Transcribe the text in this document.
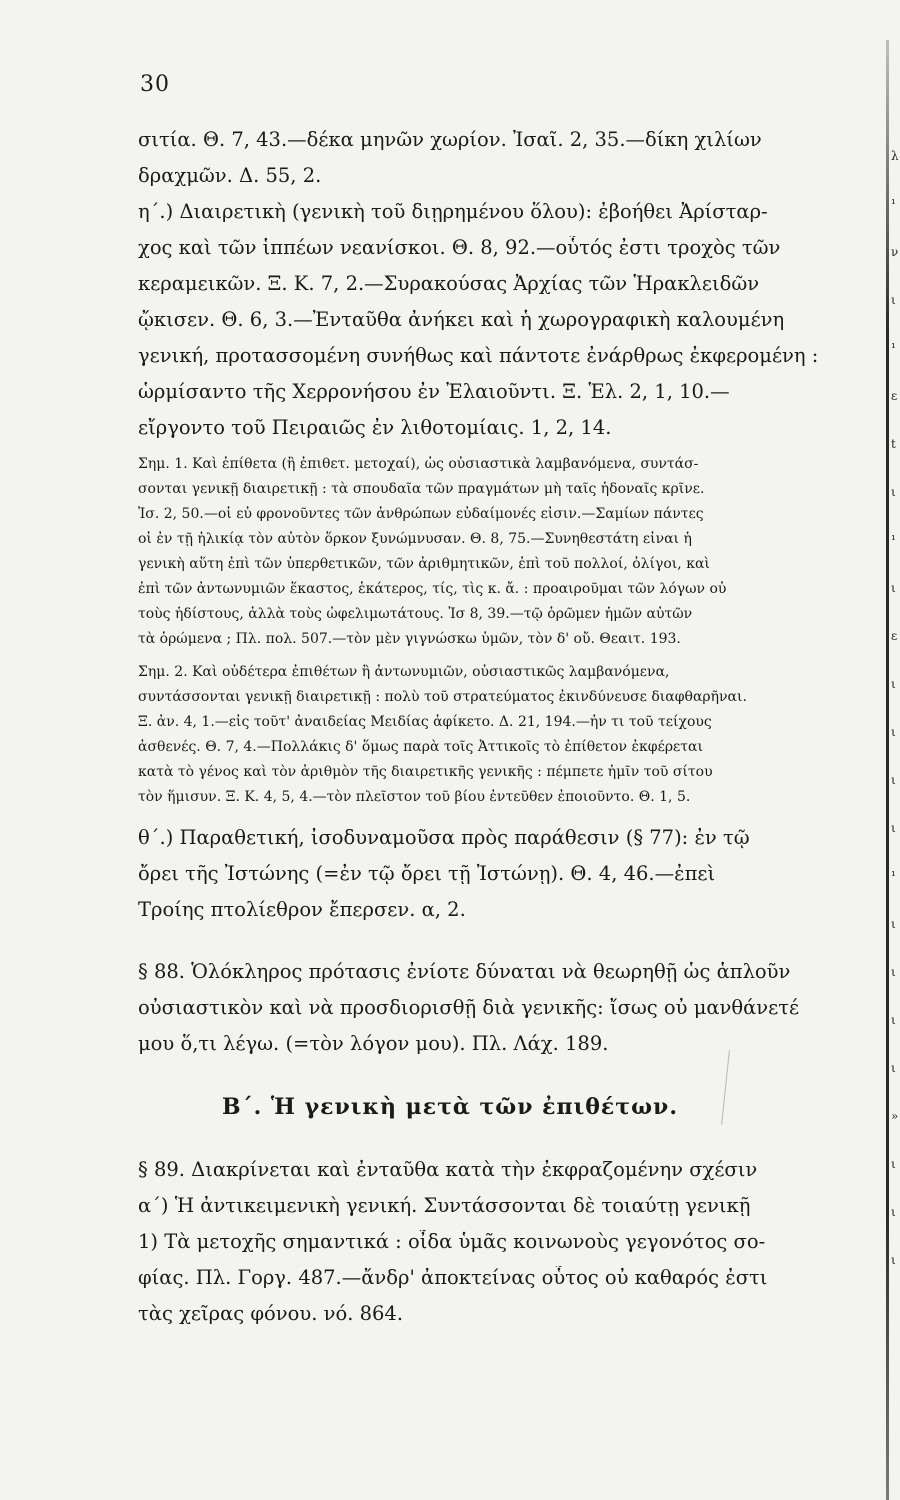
λ
¹
ν
ι
¹
ε
t
ι
¹
ι
ε
ι
ι
ι
ι
¹
ι
ι
ι
ι
»
ι
ι
ι
30
σιτία. Θ. 7, 43.—δέκα μηνῶν χωρίον. Ἰσαῖ. 2, 35.—δίκη χιλίων
δραχμῶν. Δ. 55, 2.
η΄.) Διαιρετικὴ (γενικὴ τοῦ διῃρημένου ὅλου): ἐβοήθει Ἀρίσταρ-
χος καὶ τῶν ἱππέων νεανίσκοι. Θ. 8, 92.—οὗτός ἐστι τροχὸς τῶν
κεραμεικῶν. Ξ. Κ. 7, 2.—Συρακούσας Ἀρχίας τῶν Ἡρακλειδῶν
ᾤκισεν. Θ. 6, 3.—Ἐνταῦθα ἀνήκει καὶ ἡ χωρογραφικὴ καλουμένη
γενική, προτασσομένη συνήθως καὶ πάντοτε ἐνάρθρως ἐκφερομένη :
ὡρμίσαντο τῆς Χερρονήσου ἐν Ἐλαιοῦντι. Ξ. Ἑλ. 2, 1, 10.—
εἴργοντο τοῦ Πειραιῶς ἐν λιθοτομίαις. 1, 2, 14.
Σημ. 1. Καὶ ἐπίθετα (ἢ ἐπιθετ. μετοχαί), ὡς οὐσιαστικὰ λαμβανόμενα, συντάσ-
σονται γενικῇ διαιρετικῇ : τὰ σπουδαῖα τῶν πραγμάτων μὴ ταῖς ἡδοναῖς κρῖνε.
Ἰσ. 2, 50.—οἱ εὖ φρονοῦντες τῶν ἀνθρώπων εὐδαίμονές εἰσιν.—Σαμίων πάντες
οἱ ἐν τῇ ἡλικίᾳ τὸν αὐτὸν ὅρκον ξυνώμνυσαν. Θ. 8, 75.—Συνηθεστάτη εἶναι ἡ
γενικὴ αὕτη ἐπὶ τῶν ὑπερθετικῶν, τῶν ἀριθμητικῶν, ἐπὶ τοῦ πολλοί, ὀλίγοι, καὶ
ἐπὶ τῶν ἀντωνυμιῶν ἕκαστος, ἑκάτερος, τίς, τὶς κ. ἄ. : προαιροῦμαι τῶν λόγων οὐ
τοὺς ἡδίστους, ἀλλὰ τοὺς ὠφελιμωτάτους. Ἰσ 8, 39.—τῷ ὁρῶμεν ἡμῶν αὐτῶν
τὰ ὁρώμενα ; Πλ. πολ. 507.—τὸν μὲν γιγνώσκω ὑμῶν, τὸν δ' οὔ. Θεαιτ. 193.
Σημ. 2. Καὶ οὐδέτερα ἐπιθέτων ἢ ἀντωνυμιῶν, οὐσιαστικῶς λαμβανόμενα,
συντάσσονται γενικῇ διαιρετικῇ : πολὺ τοῦ στρατεύματος ἐκινδύνευσε διαφθαρῆναι.
Ξ. ἀν. 4, 1.—εἰς τοῦτ' ἀναιδείας Μειδίας ἀφίκετο. Δ. 21, 194.—ἦν τι τοῦ τείχους
ἀσθενές. Θ. 7, 4.—Πολλάκις δ' ὅμως παρὰ τοῖς Ἀττικοῖς τὸ ἐπίθετον ἐκφέρεται
κατὰ τὸ γένος καὶ τὸν ἀριθμὸν τῆς διαιρετικῆς γενικῆς : πέμπετε ἡμῖν τοῦ σίτου
τὸν ἥμισυν. Ξ. Κ. 4, 5, 4.—τὸν πλεῖστον τοῦ βίου ἐντεῦθεν ἐποιοῦντο. Θ. 1, 5.
θ΄.) Παραθετική, ἰσοδυναμοῦσα πρὸς παράθεσιν (§ 77): ἐν τῷ
ὄρει τῆς Ἰστώνης (=ἐν τῷ ὄρει τῇ Ἰστώνῃ). Θ. 4, 46.—ἐπεὶ
Τροίης πτολίεθρον ἔπερσεν. α, 2.
§ 88. Ὁλόκληρος πρότασις ἐνίοτε δύναται νὰ θεωρηθῇ ὡς ἁπλοῦν
οὐσιαστικὸν καὶ νὰ προσδιορισθῇ διὰ γενικῆς: ἴσως οὐ μανθάνετέ
μου ὅ,τι λέγω. (=τὸν λόγον μου). Πλ. Λάχ. 189.
Β΄. Ἡ γενικὴ μετὰ τῶν ἐπιθέτων.
§ 89. Διακρίνεται καὶ ἐνταῦθα κατὰ τὴν ἐκφραζομένην σχέσιν
α΄) Ἡ ἀντικειμενικὴ γενική. Συντάσσονται δὲ τοιαύτῃ γενικῇ
1) Τὰ μετοχῆς σημαντικά : οἶδα ὑμᾶς κοινωνοὺς γεγονότος σο-
φίας. Πλ. Γοργ. 487.—ἄνδρ' ἀποκτείνας οὗτος οὐ καθαρός ἐστι
τὰς χεῖρας φόνου. νό. 864.
